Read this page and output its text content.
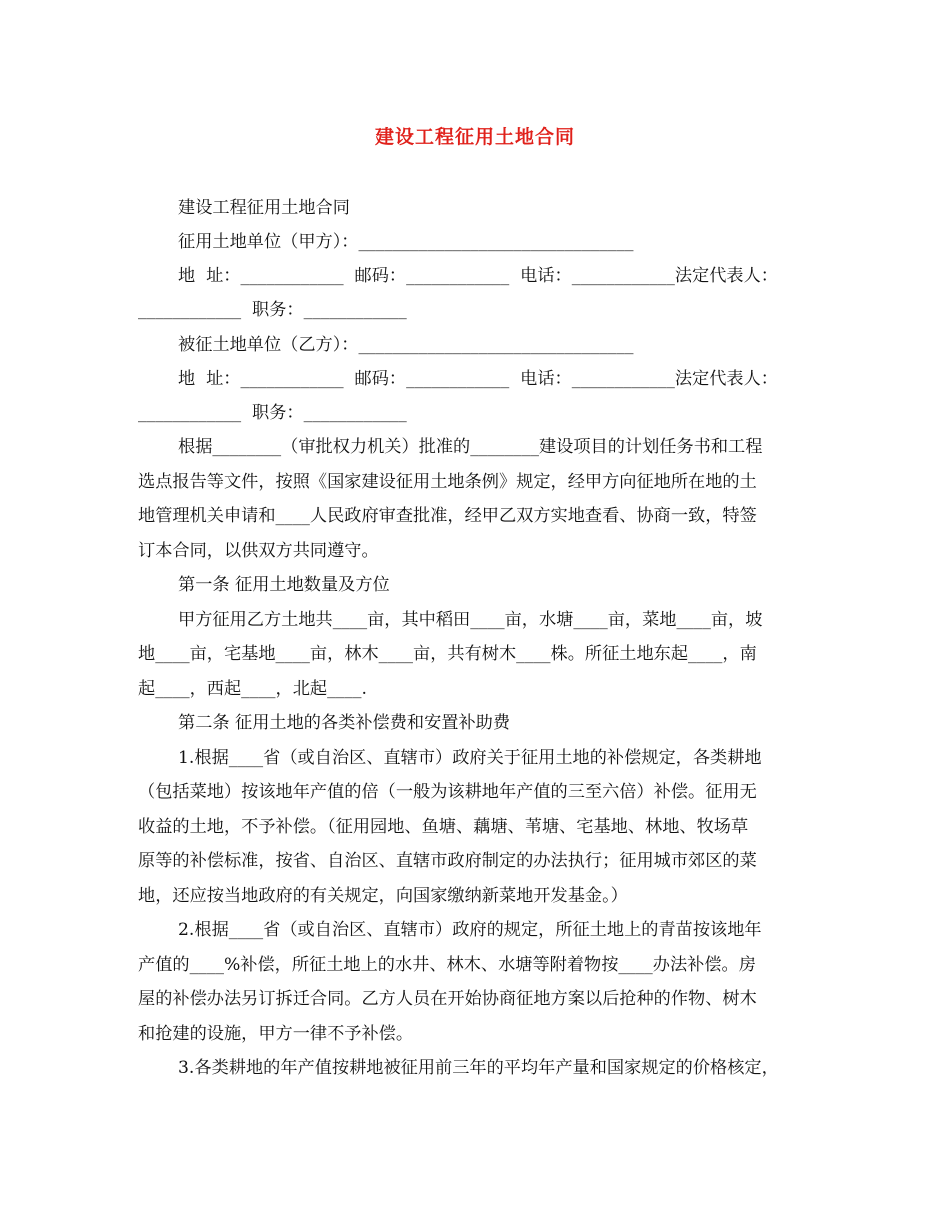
建设工程征用土地合同
建设工程征用土地合同
征用土地单位（甲方）：________________________________
地  址：____________  邮码：____________  电话：____________法定代表人：
____________  职务：____________
被征土地单位（乙方）：________________________________
地  址：____________  邮码：____________  电话：____________法定代表人：
____________  职务：____________
根据________（审批权力机关）批准的________建设项目的计划任务书和工程
选点报告等文件，按照《国家建设征用土地条例》规定，经甲方向征地所在地的土
地管理机关申请和____人民政府审查批准，经甲乙双方实地查看、协商一致，特签
订本合同，以供双方共同遵守。
第一条 征用土地数量及方位
甲方征用乙方土地共____亩，其中稻田____亩，水塘____亩，菜地____亩，坡
地____亩，宅基地____亩，林木____亩，共有树木____株。所征土地东起____，南
起____，西起____，北起____.
第二条 征用土地的各类补偿费和安置补助费
1.根据____省（或自治区、直辖市）政府关于征用土地的补偿规定，各类耕地
（包括菜地）按该地年产值的倍（一般为该耕地年产值的三至六倍）补偿。征用无
收益的土地，不予补偿。（征用园地、鱼塘、藕塘、苇塘、宅基地、林地、牧场草
原等的补偿标准，按省、自治区、直辖市政府制定的办法执行；征用城市郊区的菜
地，还应按当地政府的有关规定，向国家缴纳新菜地开发基金。）
2.根据____省（或自治区、直辖市）政府的规定，所征土地上的青苗按该地年
产值的____%补偿，所征土地上的水井、林木、水塘等附着物按____办法补偿。房
屋的补偿办法另订拆迁合同。乙方人员在开始协商征地方案以后抢种的作物、树木
和抢建的设施，甲方一律不予补偿。
3.各类耕地的年产值按耕地被征用前三年的平均年产量和国家规定的价格核定，
